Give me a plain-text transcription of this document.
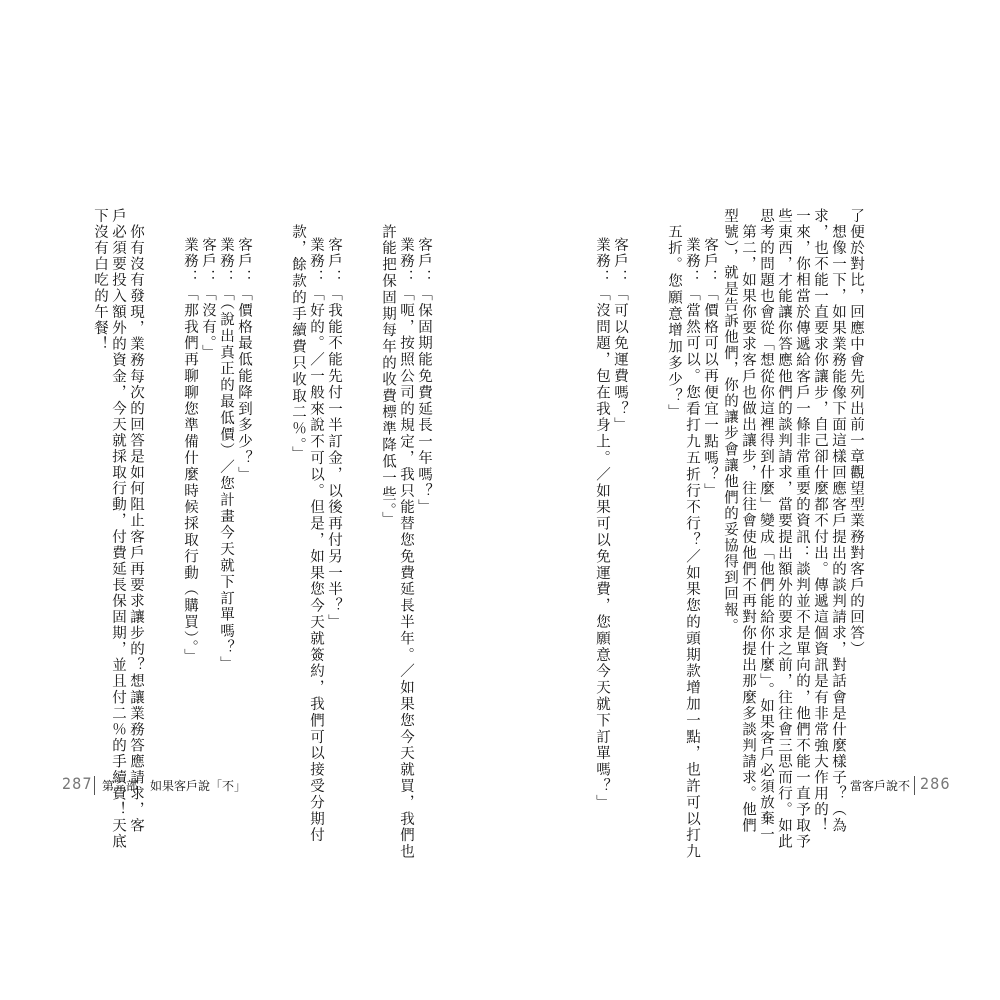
型號），就是告訴他們，你的讓步會讓他們的妥協得到回報。 　第二，如果你要求客戶也做出讓步，往往會使他們不再對你提出那麼多談判請求。他們 思考的問題也會從「想從你這裡得到什麼」變成「他們能給你什麼」。如果客戶必須放棄一 些東西，才能讓你答應他們的談判請求，當要提出額外的要求之前，往往會三思而行。如此 一來，你相當於傳遞給客戶一條非常重要的資訊：談判並不是單向的，他們不能一直予取予 求，也不能一直要求你讓步，自己卻什麼都不付出。傳遞這個資訊是有非常強大作用的！ 　想像一下，如果業務能像下面這樣回應客戶提出的談判請求，對話會是什麼樣子？（為 了便於對比，回應中會先列出前一章觀望型業務對客戶的回答）
客戶：「價格可以再便宜一點嗎？」
業務：「當然可以。您看打九五折行不行？／如果您的頭期款增加一點，也許可以打九
五折。您願意增加多少？」
客戶：「可以免運費嗎？」
業務：「沒問題，包在我身上。／如果可以免運費，您願意今天就下訂單嗎？」	當客戶說不 286
客戶：「保固期能免費延長一年嗎？」
業務：「呃，按照公司的規定，我只能替您免費延長半年。／如果您今天就買，我們也
許能把保固期每年的收費標準降低一些。」
客戶：「我能不能先付一半訂金，以後再付另一半？」
業務：「好的。／一般來說不可以。但是，如果您今天就簽約，我們可以接受分期付
款，餘款的手續費只收取二％。」
客戶：「價格最低能降到多少？」
業務：「（說出真正的最低價）／您計畫今天就下訂單嗎？」
客戶：「沒有。」
業務：「那我們再聊聊您準備什麼時候採取行動（購買）。」
　你有沒有發現，業務每次的回答是如何阻止客戶再要求讓步的？想讓業務答應請求，客
戶必須要投入額外的資金，今天就採取行動，付費延長保固期，並且付二％的手續費！天底
下沒有白吃的午餐！
287 第三部　如果客戶說「不」
